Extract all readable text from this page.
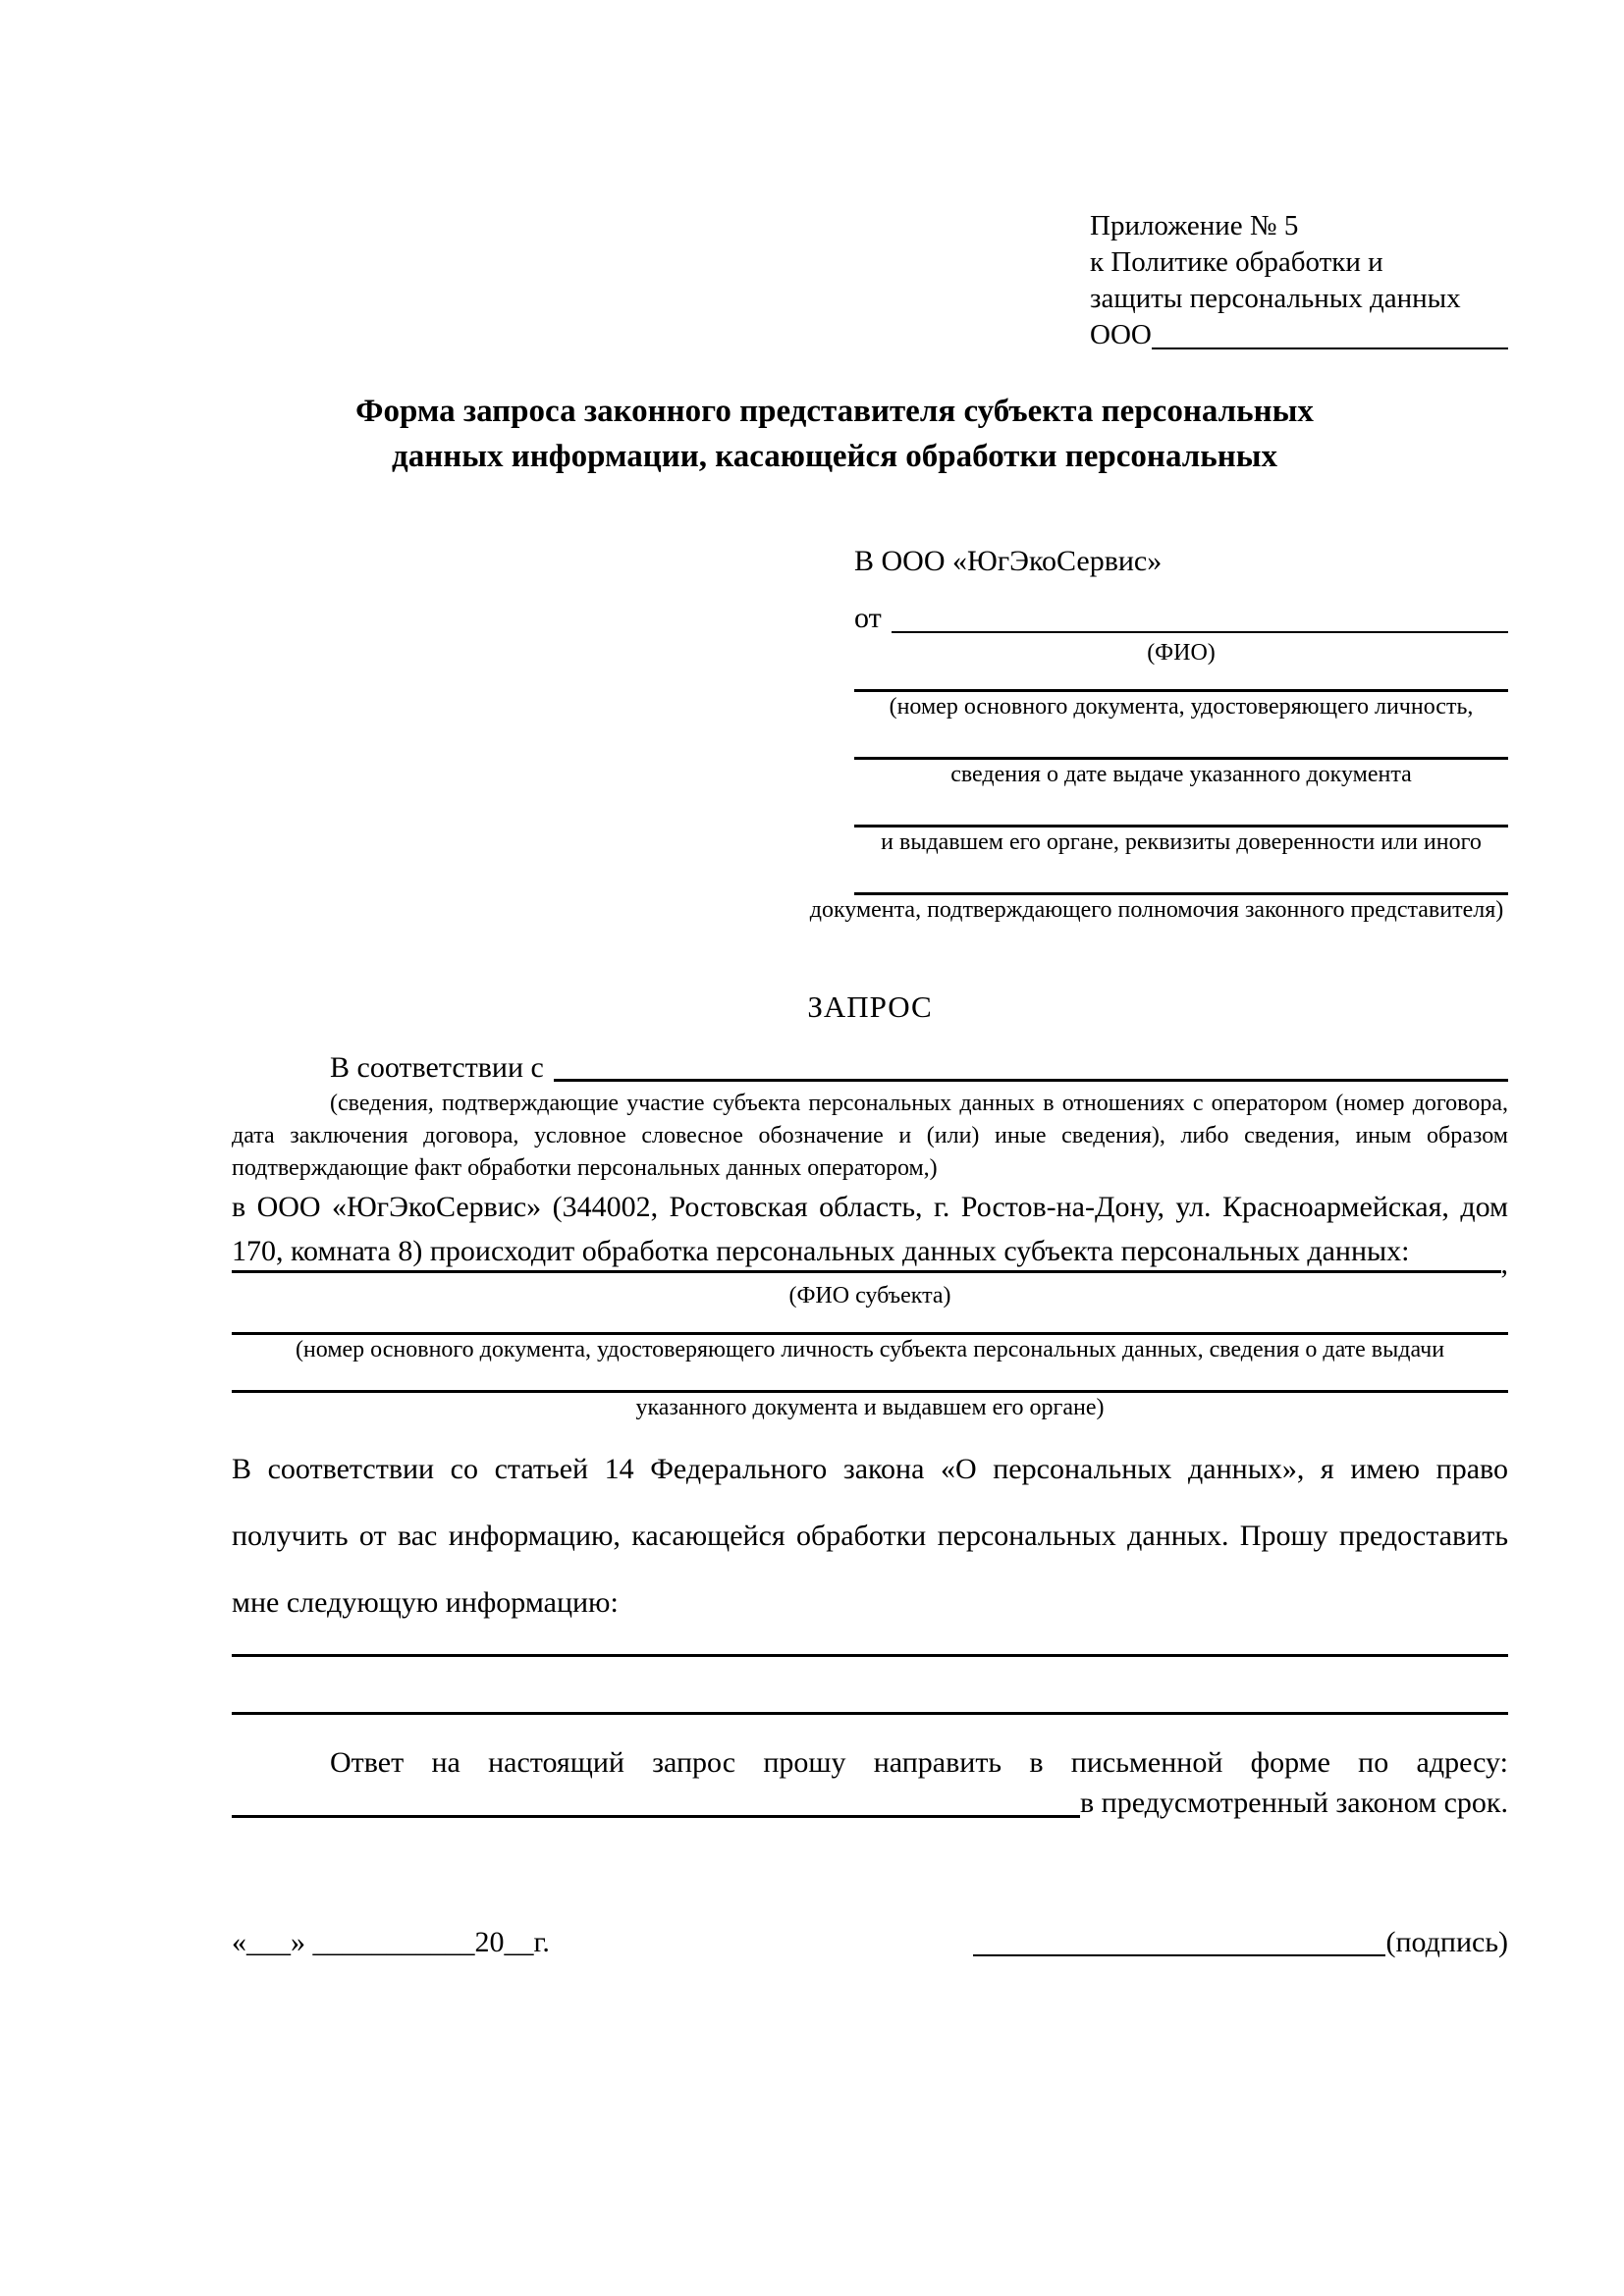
Приложение № 5
к Политике обработки и
защиты персональных данных
ООО
Форма запроса законного представителя субъекта персональных
данных информации, касающейся обработки персональных
В ООО «ЮгЭкоСервис»
от
(ФИО)
(номер основного документа, удостоверяющего личность,
сведения о дате выдаче указанного документа
и выдавшем его органе, реквизиты доверенности или иного
документа, подтверждающего полномочия законного представителя)
ЗАПРОС
В соответствии с

(сведения, подтверждающие участие субъекта персональных данных в отношениях с оператором (номер договора, дата заключения договора, условное словесное обозначение и (или) иные сведения), либо сведения, иным образом подтверждающие факт обработки персональных данных оператором,)

в ООО «ЮгЭкоСервис» (344002, Ростовская область, г. Ростов-на-Дону, ул. Красноармейская, дом 170, комната 8) происходит обработка персональных данных субъекта персональных данных:	,
(ФИО субъекта)
(номер основного документа, удостоверяющего личность субъекта персональных данных, сведения о дате выдачи
указанного документа и выдавшем его органе)

В соответствии со статьей 14 Федерального закона «О персональных данных», я имею право получить от вас информацию, касающейся обработки персональных данных. Прошу предоставить мне следующую информацию:

Ответ на настоящий запрос прошу направить в письменной форме по адресу:

в предусмотренный законом срок.
«___» ___________20__г.	(подпись)
